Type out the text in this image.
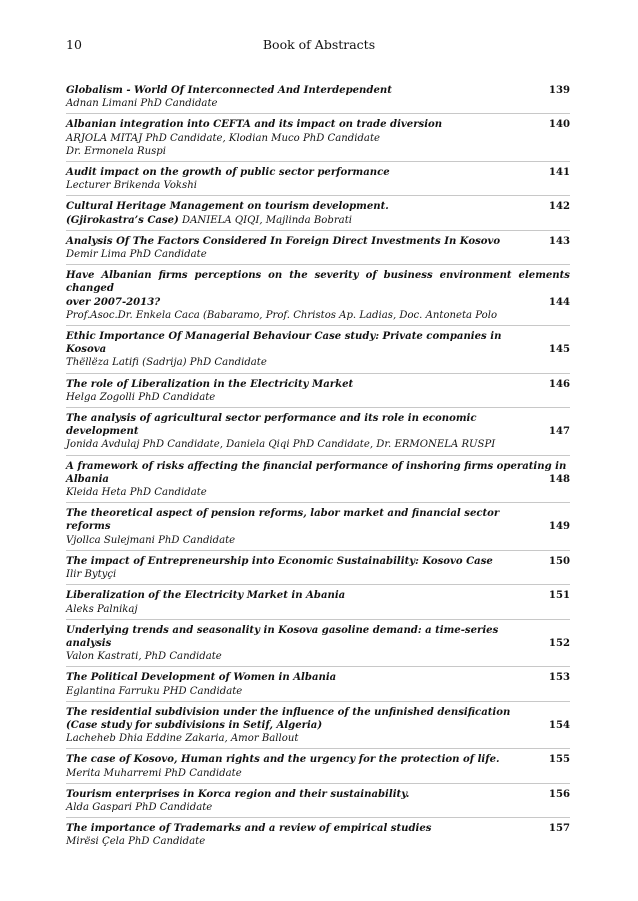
10	Book of Abstracts
Globalism - World Of Interconnected And Interdependent	139
Adnan Limani PhD Candidate
Albanian integration into CEFTA and its impact on trade diversion	140
ARJOLA MITAJ PhD Candidate, Klodian Muco PhD Candidate
Dr. Ermonela Ruspi
Audit impact on the growth of public sector performance	141
Lecturer Brikenda Vokshi
Cultural Heritage Management on tourism development.	142
(Gjirokastra’s Case) DANIELA QIQI, Majlinda Bobrati
Analysis Of The Factors Considered In Foreign Direct Investments In Kosovo	143
Demir Lima PhD Candidate
Have Albanian firms perceptions on the severity of business environment elements changed
over 2007-2013?	144
Prof.Asoc.Dr. Enkela Caca (Babaramo, Prof. Christos Ap. Ladias, Doc. Antoneta Polo
Ethic Importance Of Managerial Behaviour Case study: Private companies in Kosova	145
Thëllëza Latifi (Sadrija) PhD Candidate
The role of Liberalization in the Electricity Market	146
Helga Zogolli PhD Candidate
The analysis of agricultural sector performance and its role in economic development	147
Jonida Avdulaj PhD Candidate, Daniela Qiqi PhD Candidate, Dr. ERMONELA RUSPI
A framework of risks affecting the financial performance of inshoring firms operating in
Albania	148
Kleida Heta PhD Candidate
The theoretical aspect of pension reforms, labor market and financial sector reforms	149
Vjollca Sulejmani PhD Candidate
The impact of Entrepreneurship into Economic Sustainability: Kosovo Case	150
Ilir Bytyçi
Liberalization of the Electricity Market in Abania	151
Aleks Palnikaj
Underlying trends and seasonality in Kosova gasoline demand: a time-series analysis	152
Valon Kastrati, PhD Candidate
The Political Development of Women in Albania	153
Eglantina Farruku PHD Candidate
The residential subdivision under the influence of the unfinished densification
(Case study for subdivisions in Setif, Algeria)	154
Lacheheb Dhia Eddine Zakaria, Amor Ballout
The case of Kosovo, Human rights and the urgency for the protection of life.	155
Merita Muharremi PhD Candidate
Tourism enterprises in Korca region and their sustainability.	156
Alda Gaspari PhD Candidate
The importance of Trademarks and a review of empirical studies	157
Mirësi Çela PhD Candidate
